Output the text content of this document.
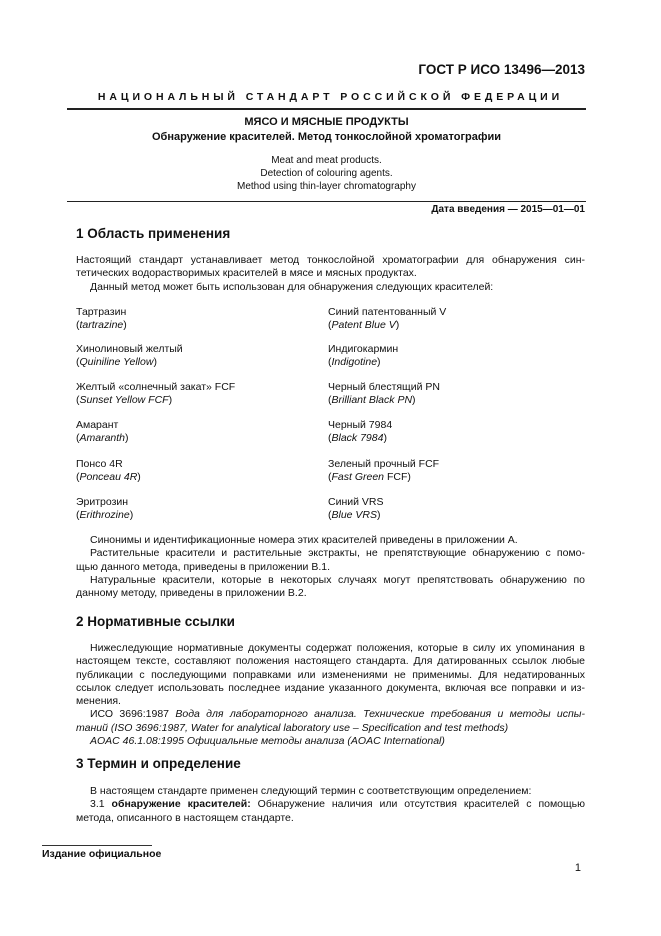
ГОСТ Р ИСО 13496—2013
НАЦИОНАЛЬНЫЙ СТАНДАРТ РОССИЙСКОЙ ФЕДЕРАЦИИ
МЯСО И МЯСНЫЕ ПРОДУКТЫ
Обнаружение красителей. Метод тонкослойной хроматографии
Meat and meat products.
Detection of colouring agents.
Method using thin-layer chromatography
Дата введения — 2015—01—01
1 Область применения

Настоящий стандарт устанавливает метод тонкослойной хроматографии для обнаружения син-

тетических водорастворимых красителей в мясе и мясных продуктах.

Данный метод может быть использован для обнаружения следующих красителей:

Тартразин
(tartrazine)
Хинолиновый желтый
(Quiniline Yellow)
Желтый «солнечный закат» FCF
(Sunset Yellow FCF)
Амарант
(Amaranth)
Понсо 4R
(Ponceau 4R)
Эритрозин
(Erithrozine)
Синий патентованный V
(Patent Blue V)
Индигокармин
(Indigotine)
Черный блестящий PN
(Brilliant Black PN)
Черный 7984
(Black 7984)
Зеленый прочный FCF
(Fast Green FCF)
Синий VRS
(Blue VRS)

Синонимы и идентификационные номера этих красителей приведены в приложении А.

Растительные красители и растительные экстракты, не препятствующие обнаружению с помо-

щью данного метода, приведены в приложении В.1.

Натуральные красители, которые в некоторых случаях могут препятствовать обнаружению по

данному методу, приведены в приложении В.2.

2 Нормативные ссылки

Нижеследующие нормативные документы содержат положения, которые в силу их упоминания в

настоящем тексте, составляют положения настоящего стандарта. Для датированных ссылок любые

публикации с последующими поправками или изменениями не применимы. Для недатированных

ссылок следует использовать последнее издание указанного документа, включая все поправки и из-

менения.

ИСО 3696:1987 Вода для лабораторного анализа. Технические требования и методы испы-

таний (ISO 3696:1987, Water for analytical laboratory use – Specification and test methods)

AOAC 46.1.08:1995 Официальные методы анализа (AOAC International)

3 Термин и определение

В настоящем стандарте применен следующий термин с соответствующим определением:

3.1 обнаружение красителей: Обнаружение наличия или отсутствия красителей с помощью

метода, описанного в настоящем стандарте.

Издание официальное
1
